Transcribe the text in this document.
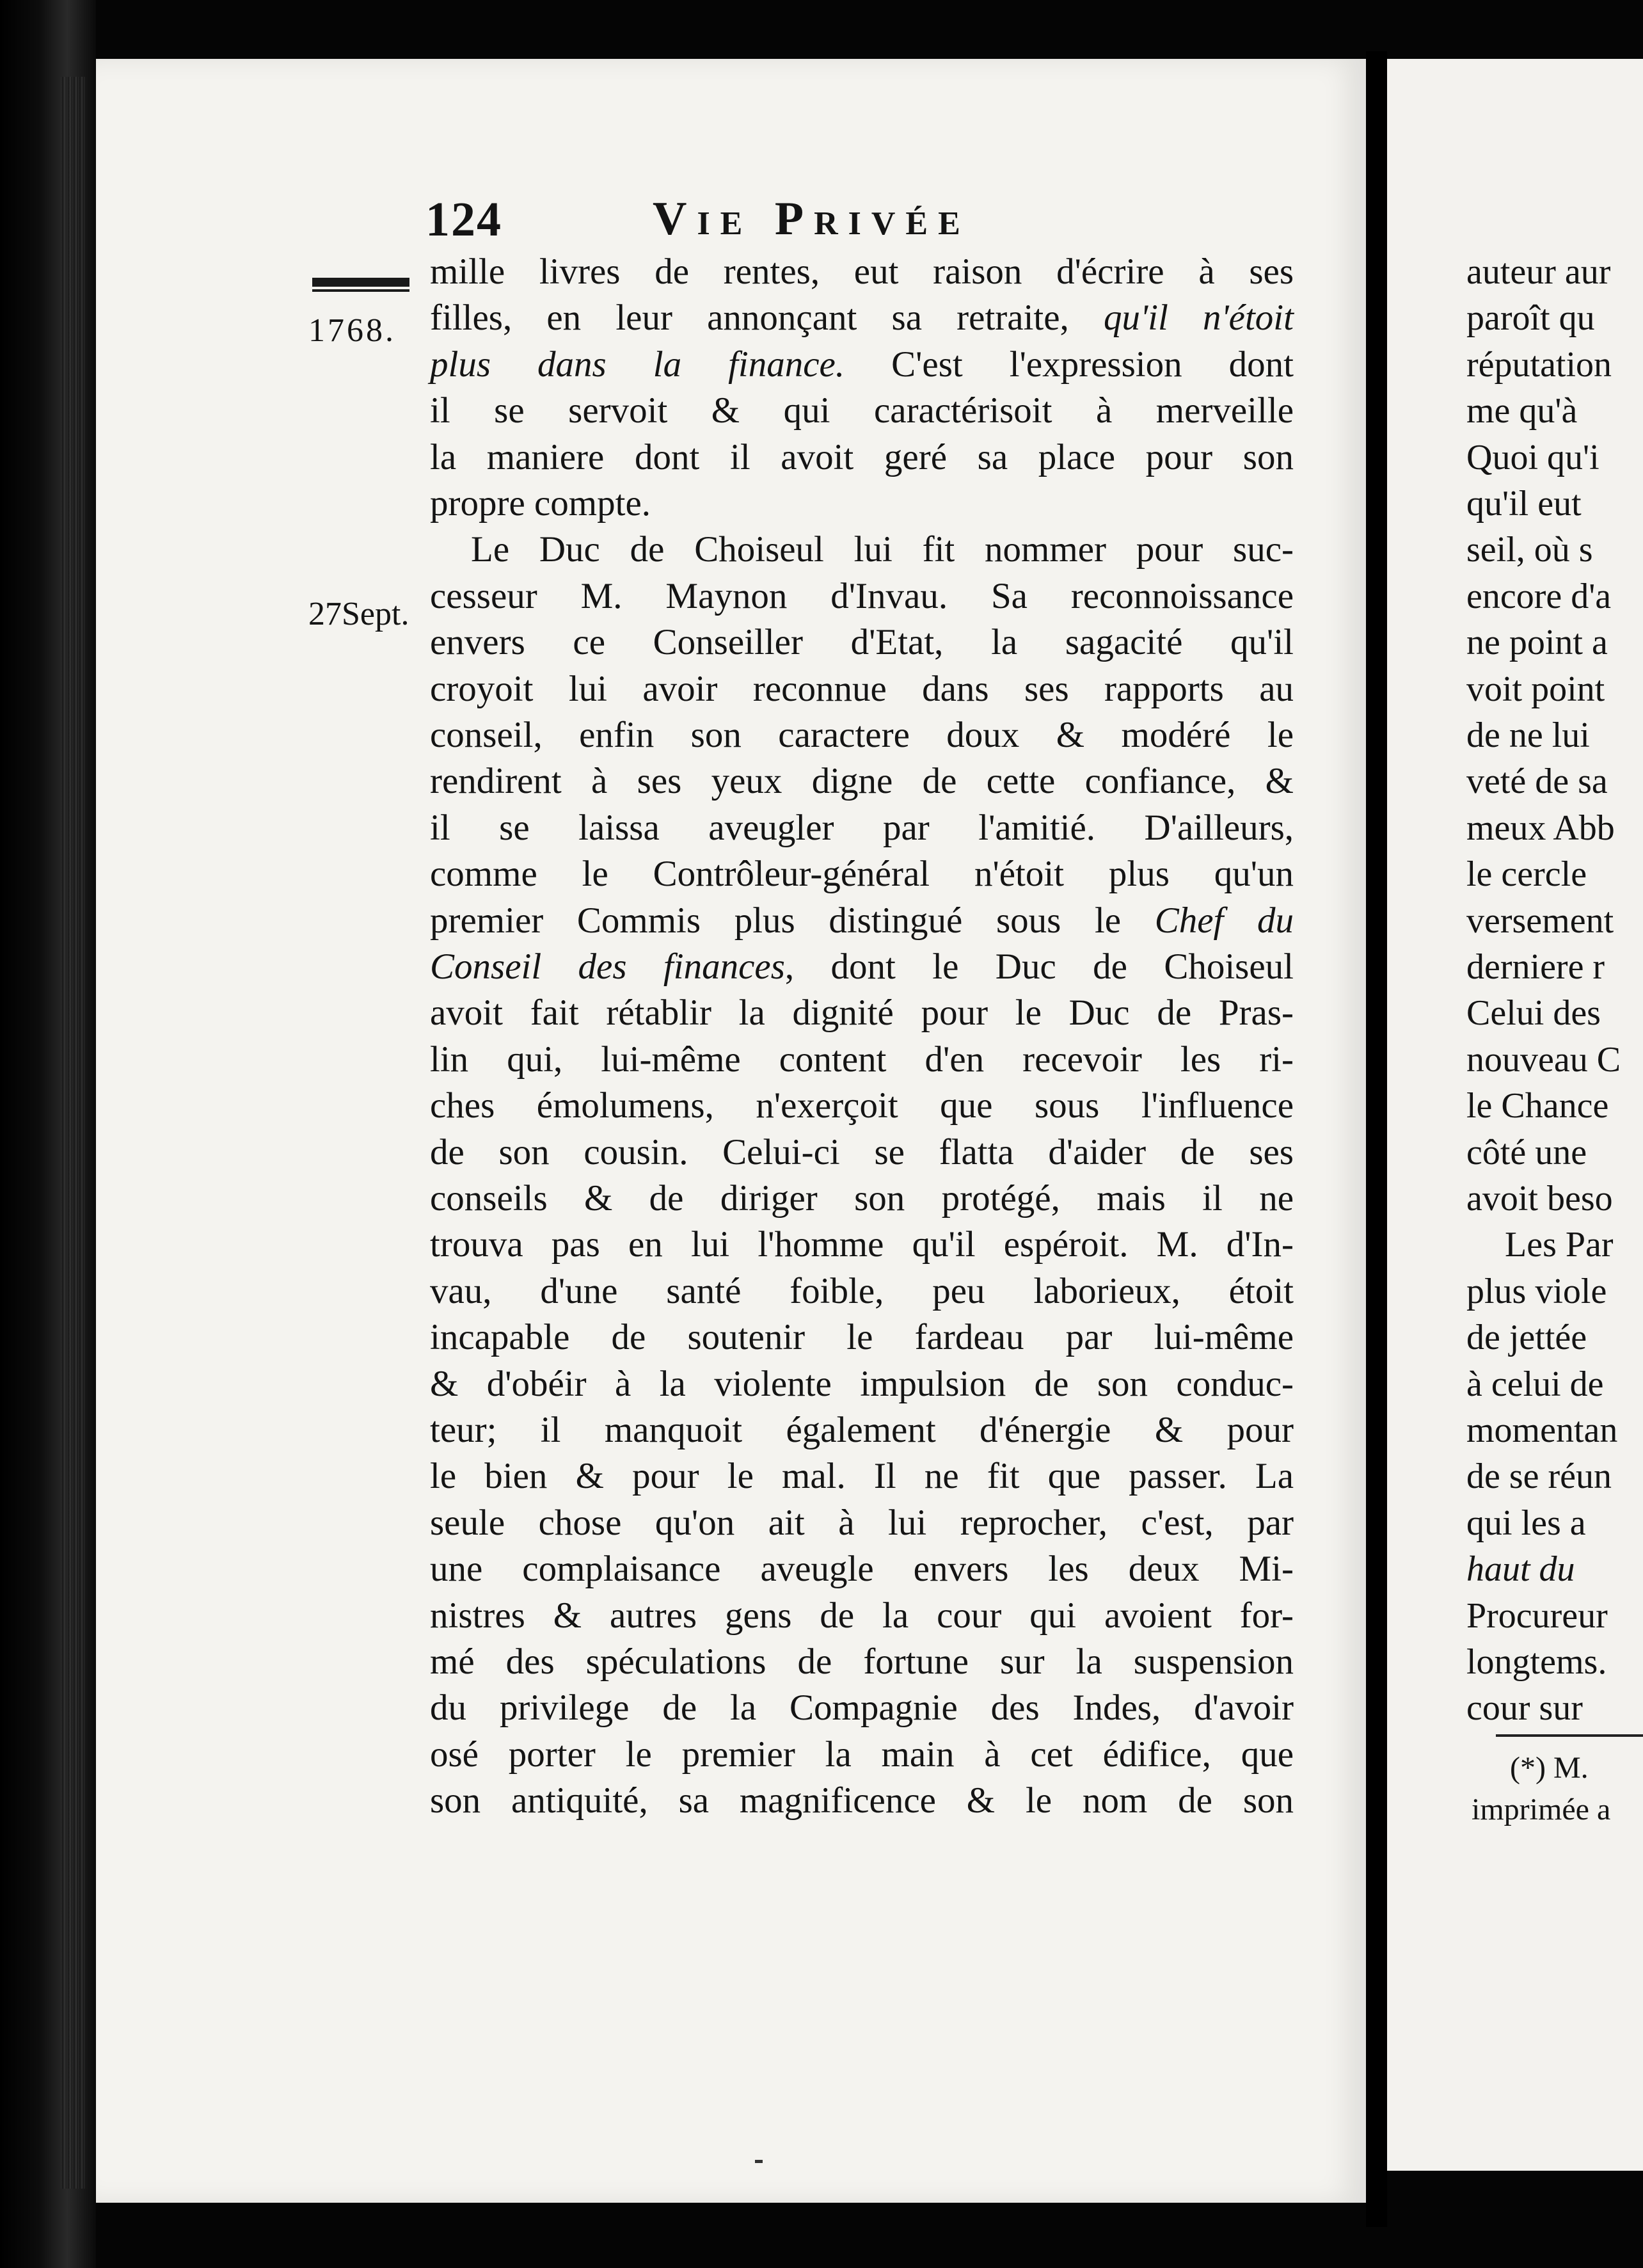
124	Vie Privée
1768.
27Sept.
mille livres de rentes, eut raison d'écrire à ses
filles, en leur annonçant sa retraite, qu'il n'étoit
plus dans la finance. C'est l'expression dont
il se servoit & qui caractérisoit à merveille
la maniere dont il avoit geré sa place pour son
propre compte.
Le Duc de Choiseul lui fit nommer pour suc-
cesseur M. Maynon d'Invau. Sa reconnoissance
envers ce Conseiller d'Etat, la sagacité qu'il
croyoit lui avoir reconnue dans ses rapports au
conseil, enfin son caractere doux & modéré le
rendirent à ses yeux digne de cette confiance, &
il se laissa aveugler par l'amitié. D'ailleurs,
comme le Contrôleur-général n'étoit plus qu'un
premier Commis plus distingué sous le Chef du
Conseil des finances, dont le Duc de Choiseul
avoit fait rétablir la dignité pour le Duc de Pras-
lin qui, lui-même content d'en recevoir les ri-
ches émolumens, n'exerçoit que sous l'influence
de son cousin. Celui-ci se flatta d'aider de ses
conseils & de diriger son protégé, mais il ne
trouva pas en lui l'homme qu'il espéroit. M. d'In-
vau, d'une santé foible, peu laborieux, étoit
incapable de soutenir le fardeau par lui-même
& d'obéir à la violente impulsion de son conduc-
teur; il manquoit également d'énergie & pour
le bien & pour le mal. Il ne fit que passer. La
seule chose qu'on ait à lui reprocher, c'est, par
une complaisance aveugle envers les deux Mi-
nistres & autres gens de la cour qui avoient for-
mé des spéculations de fortune sur la suspension
du privilege de la Compagnie des Indes, d'avoir
osé porter le premier la main à cet édifice, que
son antiquité, sa magnificence & le nom de son
auteur aur
paroît qu
réputation
me qu'à
Quoi qu'i
qu'il eut
seil, où s
encore d'a
ne point a
voit point
de ne lui
veté de sa
meux Abb
le cercle
versement
derniere r
Celui des
nouveau C
le Chance
côté une
avoit beso
Les Par
plus viole
de jettée
à celui de
momentan
de se réun
qui les a
haut du
Procureur
longtems.
cour sur
(*) M.
imprimée a
